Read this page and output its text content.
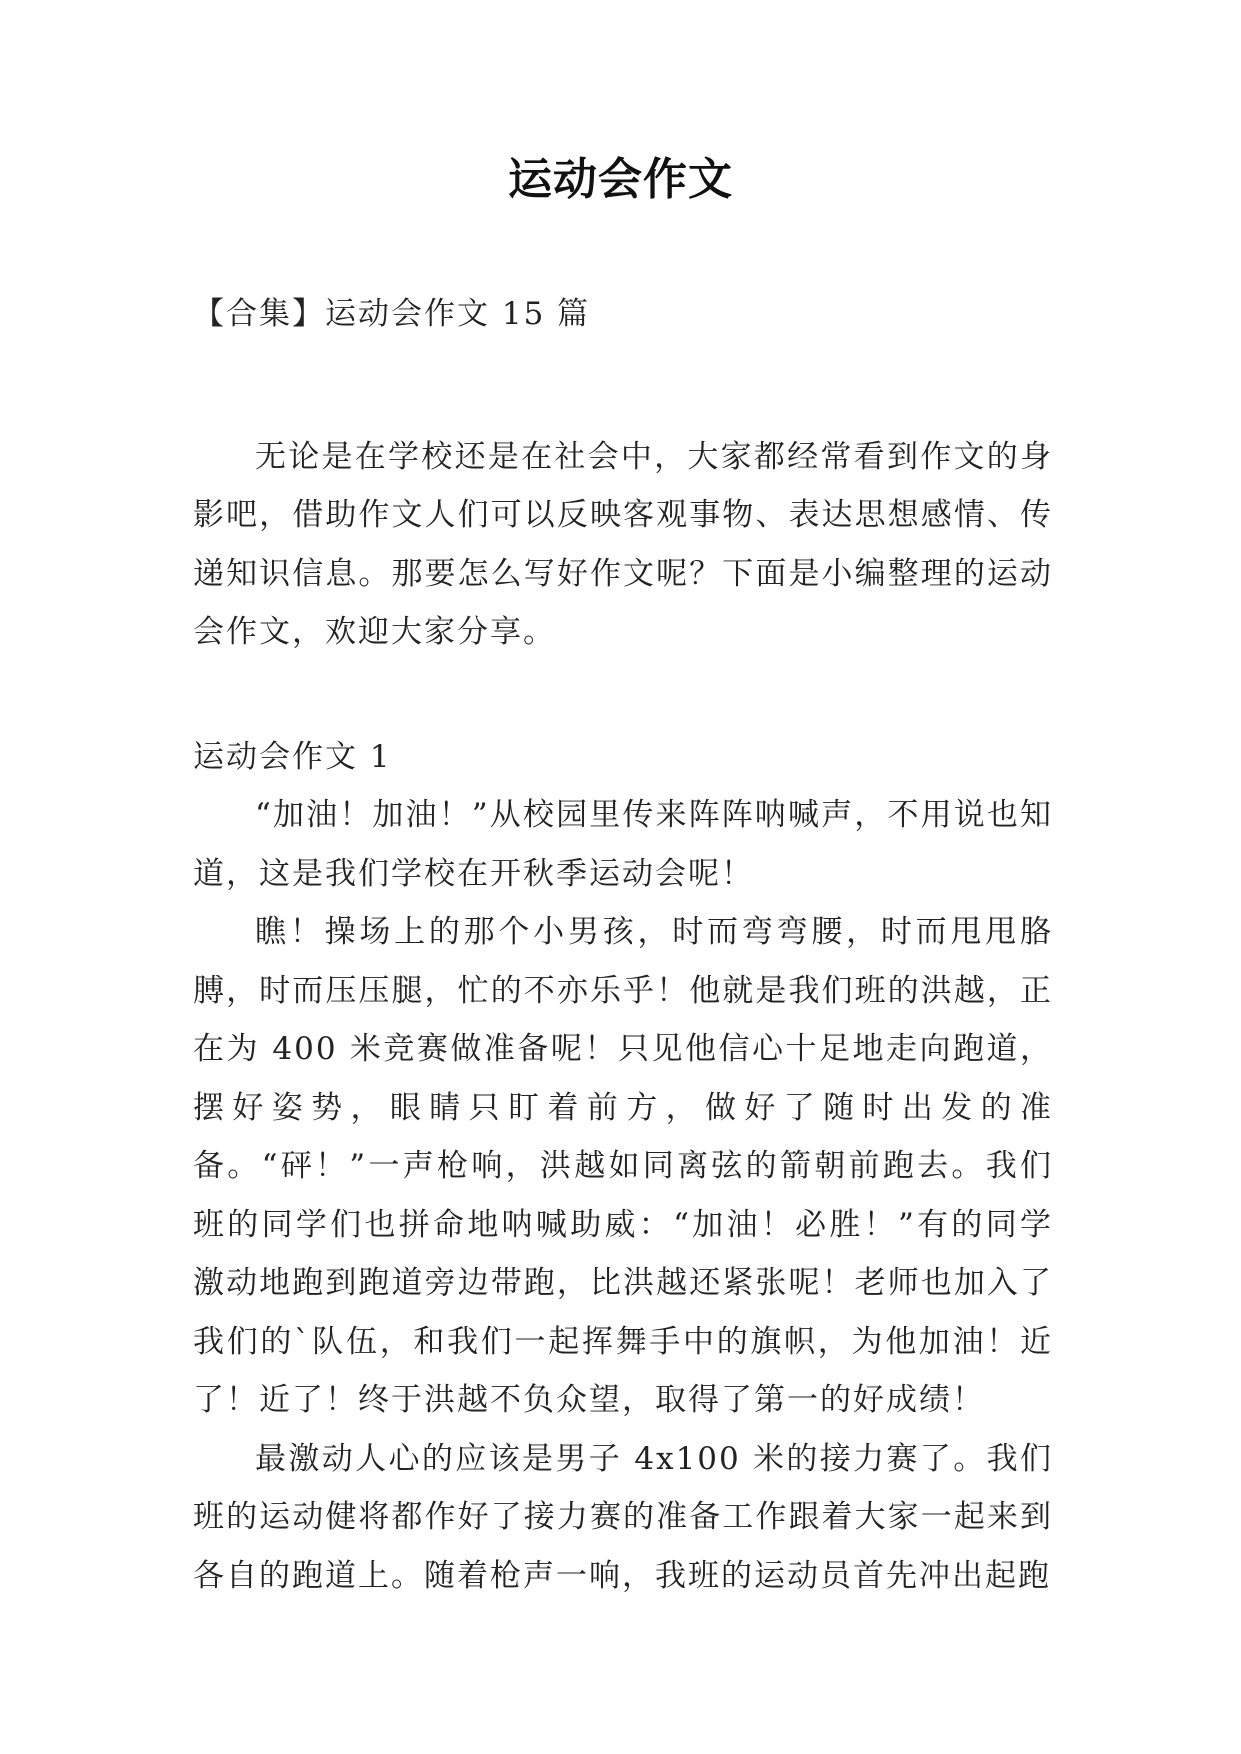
运动会作文

【合集】运动会作文 15 篇

无论是在学校还是在社会中，大家都经常看到作文的身影吧，借助作文人们可以反映客观事物、表达思想感情、传递知识信息。那要怎么写好作文呢？下面是小编整理的运动会作文，欢迎大家分享。

运动会作文 1

“加油！加油！”从校园里传来阵阵呐喊声，不用说也知道，这是我们学校在开秋季运动会呢！

瞧！操场上的那个小男孩，时而弯弯腰，时而甩甩胳膊，时而压压腿，忙的不亦乐乎！他就是我们班的洪越，正在为 400 米竞赛做准备呢！只见他信心十足地走向跑道，摆好姿势，眼睛只盯着前方，做好了随时出发的准备。“砰！”一声枪响，洪越如同离弦的箭朝前跑去。我们班的同学们也拼命地呐喊助威：“加油！必胜！”有的同学激动地跑到跑道旁边带跑，比洪越还紧张呢！老师也加入了我们的`队伍，和我们一起挥舞手中的旗帜，为他加油！近了！近了！终于洪越不负众望，取得了第一的好成绩！

最激动人心的应该是男子 4x100 米的接力赛了。我们班的运动健将都作好了接力赛的准备工作跟着大家一起来到各自的跑道上。随着枪声一响，我班的运动员首先冲出起跑
